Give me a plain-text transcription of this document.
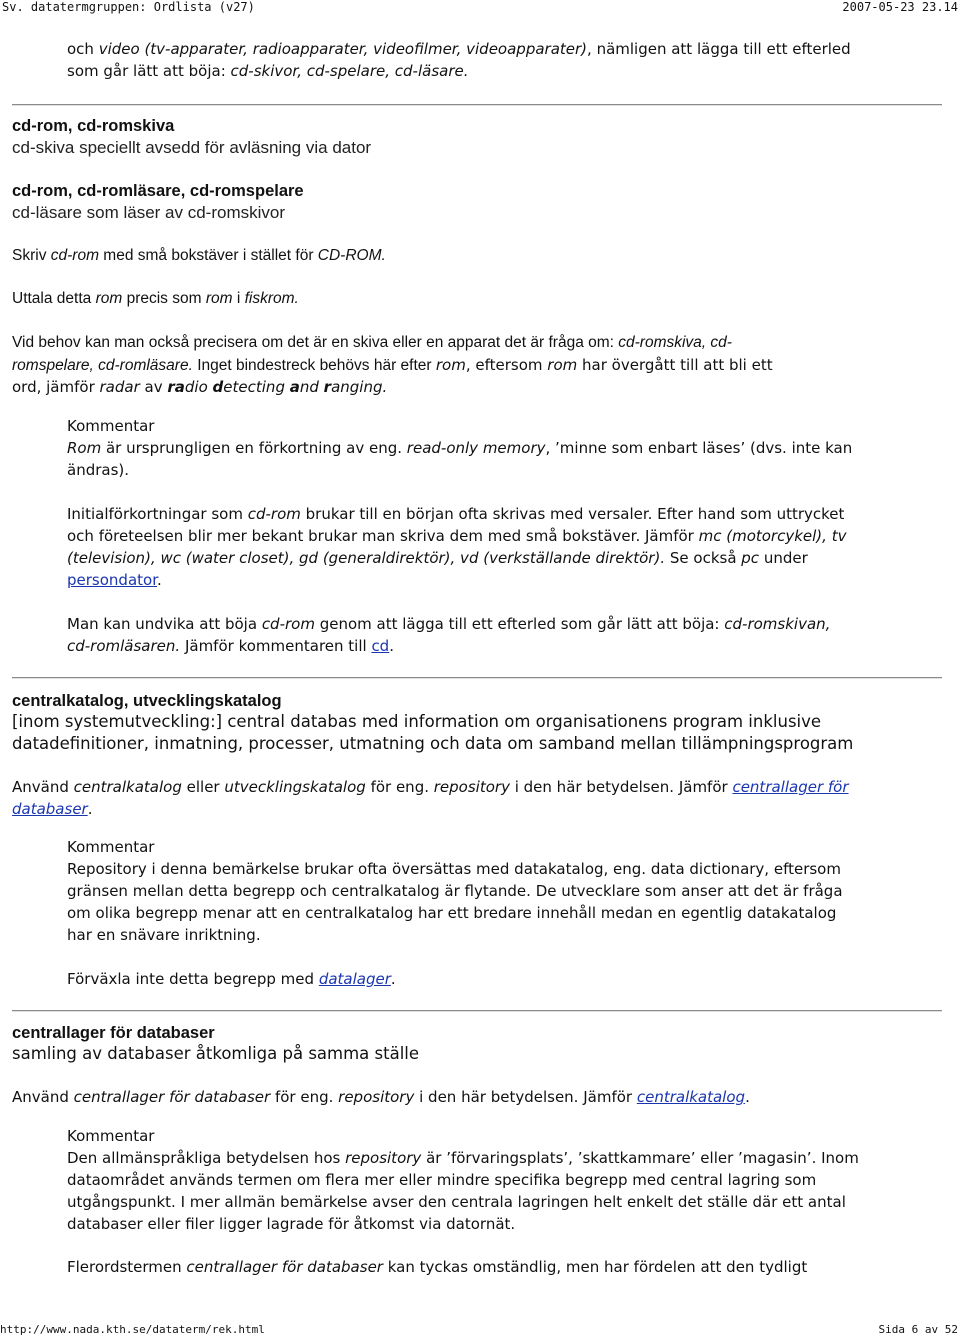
Sv. datatermgruppen: Ordlista (v27)	2007-05-23 23.14

och video (tv-apparater, radioapparater, videofilmer, videoapparater), nämligen att lägga till ett efterled

som går lätt att böja: cd-skivor, cd-spelare, cd-läsare.

cd-rom, cd-romskiva

cd-skiva speciellt avsedd för avläsning via dator

cd-rom, cd-romläsare, cd-romspelare

cd-läsare som läser av cd-romskivor

Skriv cd-rom med små bokstäver i stället för CD-ROM.

Uttala detta rom precis som rom i fiskrom.

Vid behov kan man också precisera om det är en skiva eller en apparat det är fråga om: cd-romskiva, cd-

romspelare, cd-romläsare. Inget bindestreck behövs här efter rom, eftersom rom har övergått till att bli ett

ord, jämför radar av radio detecting and ranging.

Kommentar

Rom är ursprungligen en förkortning av eng. read-only memory, ’minne som enbart läses’ (dvs. inte kan

ändras).

Initialförkortningar som cd-rom brukar till en början ofta skrivas med versaler. Efter hand som uttrycket

och företeelsen blir mer bekant brukar man skriva dem med små bokstäver. Jämför mc (motorcykel), tv

(television), wc (water closet), gd (generaldirektör), vd (verkställande direktör). Se också pc under

persondator.

Man kan undvika att böja cd-rom genom att lägga till ett efterled som går lätt att böja: cd-romskivan,

cd-romläsaren. Jämför kommentaren till cd.

centralkatalog, utvecklingskatalog

[inom systemutveckling:] central databas med information om organisationens program inklusive

datadefinitioner, inmatning, processer, utmatning och data om samband mellan tillämpningsprogram

Använd centralkatalog eller utvecklingskatalog för eng. repository i den här betydelsen. Jämför centrallager för

databaser.

Kommentar

Repository i denna bemärkelse brukar ofta översättas med datakatalog, eng. data dictionary, eftersom

gränsen mellan detta begrepp och centralkatalog är flytande. De utvecklare som anser att det är fråga

om olika begrepp menar att en centralkatalog har ett bredare innehåll medan en egentlig datakatalog

har en snävare inriktning.

Förväxla inte detta begrepp med datalager.

centrallager för databaser

samling av databaser åtkomliga på samma ställe

Använd centrallager för databaser för eng. repository i den här betydelsen. Jämför centralkatalog.

Kommentar

Den allmänspråkliga betydelsen hos repository är ’förvaringsplats’, ’skattkammare’ eller ’magasin’. Inom

dataområdet används termen om flera mer eller mindre specifika begrepp med central lagring som

utgångspunkt. I mer allmän bemärkelse avser den centrala lagringen helt enkelt det ställe där ett antal

databaser eller filer ligger lagrade för åtkomst via datornät.

Flerordstermen centrallager för databaser kan tyckas omständlig, men har fördelen att den tydligt

http://www.nada.kth.se/dataterm/rek.html	Sida 6 av 52
